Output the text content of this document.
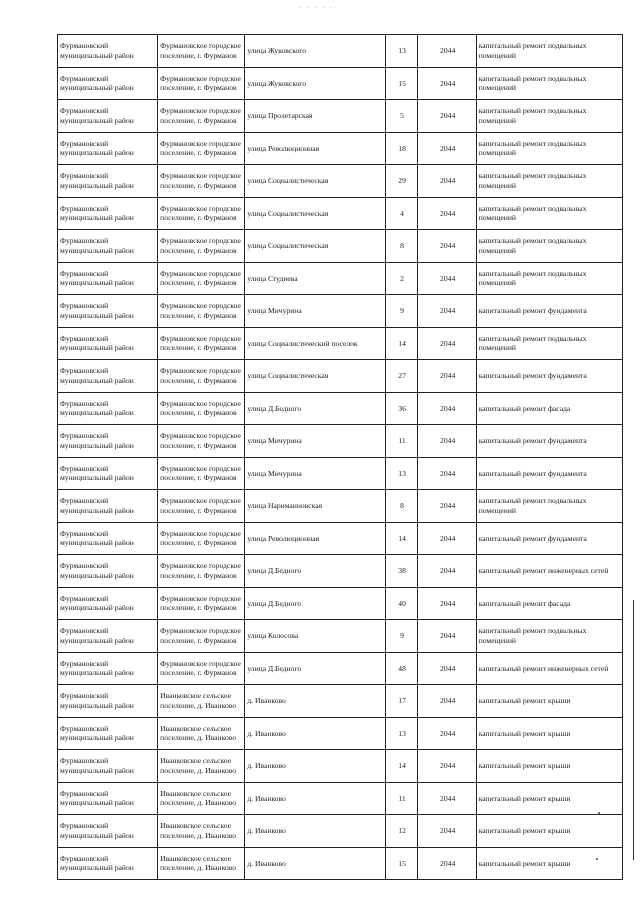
. . . . .
Фурмановский муниципальный район	Фурмановское городское поселение, г. Фурманов	улица Жуковского	13	2044	капитальный ремонт подвальных помещений

Фурмановский муниципальный район	Фурмановское городское поселение, г. Фурманов	улица Жуковского	15	2044	капитальный ремонт подвальных помещений

Фурмановский муниципальный район	Фурмановское городское поселение, г. Фурманов	улица Пролетарская	5	2044	капитальный ремонт подвальных помещений

Фурмановский муниципальный район	Фурмановское городское поселение, г. Фурманов	улица Революционная	18	2044	капитальный ремонт подвальных помещений

Фурмановский муниципальный район	Фурмановское городское поселение, г. Фурманов	улица Социалистическая	29	2044	капитальный ремонт подвальных помещений

Фурмановский муниципальный район	Фурмановское городское поселение, г. Фурманов	улица Социалистическая	4	2044	капитальный ремонт подвальных помещений

Фурмановский муниципальный район	Фурмановское городское поселение, г. Фурманов	улица Социалистическая	8	2044	капитальный ремонт подвальных помещений

Фурмановский муниципальный район	Фурмановское городское поселение, г. Фурманов	улица Студнева	2	2044	капитальный ремонт подвальных помещений

Фурмановский муниципальный район	Фурмановское городское поселение, г. Фурманов	улица Мичурина	9	2044	капитальный ремонт фундамента

Фурмановский муниципальный район	Фурмановское городское поселение, г. Фурманов	улица Социалистический поселок	14	2044	капитальный ремонт подвальных помещений

Фурмановский муниципальный район	Фурмановское городское поселение, г. Фурманов	улица Социалистическая	27	2044	капитальный ремонт фундамента

Фурмановский муниципальный район	Фурмановское городское поселение, г. Фурманов	улица Д.Бедного	36	2044	капитальный ремонт фасада

Фурмановский муниципальный район	Фурмановское городское поселение, г. Фурманов	улица Мичурина	11	2044	капитальный ремонт фундамента

Фурмановский муниципальный район	Фурмановское городское поселение, г. Фурманов	улица Мичурина	13	2044	капитальный ремонт фундамента

Фурмановский муниципальный район	Фурмановское городское поселение, г. Фурманов	улица Нариманновская	8	2044	капитальный ремонт подвальных помещений

Фурмановский муниципальный район	Фурмановское городское поселение, г. Фурманов	улица Революционная	14	2044	капитальный ремонт фундамента

Фурмановский муниципальный район	Фурмановское городское поселение, г. Фурманов	улица Д.Бедного	38	2044	капитальный ремонт инженерных сетей

Фурмановский муниципальный район	Фурмановское городское поселение, г. Фурманов	улица Д.Бедного	40	2044	капитальный ремонт фасада

Фурмановский муниципальный район	Фурмановское городское поселение, г. Фурманов	улица Колосова	9	2044	капитальный ремонт подвальных помещений

Фурмановский муниципальный район	Фурмановское городское поселение, г. Фурманов	улица Д.Бедного	48	2044	капитальный ремонт инженерных сетей

Фурмановский муниципальный район	Иванковское сельское поселение, д. Иванково	д. Иванково	17	2044	капитальный ремонт крыши

Фурмановский муниципальный район	Иванковское сельское поселение, д. Иванково	д. Иванково	13	2044	капитальный ремонт крыши

Фурмановский муниципальный район	Иванковское сельское поселение, д. Иванково	д. Иванково	14	2044	капитальный ремонт крыши

Фурмановский муниципальный район	Иванковское сельское поселение, д. Иванково	д. Иванково	11	2044	капитальный ремонт крыши

Фурмановский муниципальный район	Иванковское сельское поселение, д. Иванково	д. Иванково	12	2044	капитальный ремонт крыши

Фурмановский муниципальный район	Иванковское сельское поселение, д. Иванково	д. Иванково	15	2044	капитальный ремонт крыши
